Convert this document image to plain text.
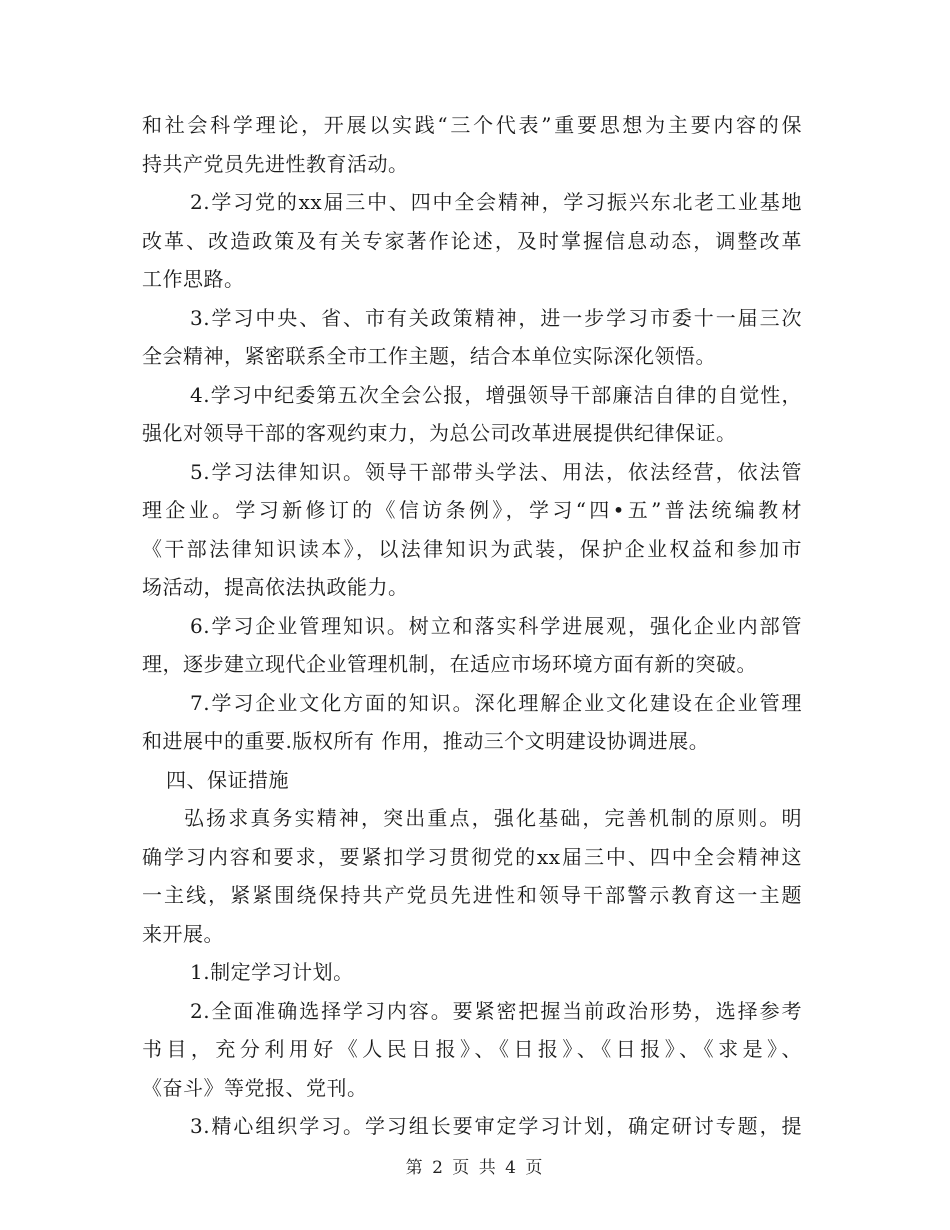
和社会科学理论，开展以实践“三个代表”重要思想为主要内容的保
持共产党员先进性教育活动。
2.学习党的xx届三中、四中全会精神，学习振兴东北老工业基地
改革、改造政策及有关专家著作论述，及时掌握信息动态，调整改革
工作思路。
3.学习中央、省、市有关政策精神，进一步学习市委十一届三次
全会精神，紧密联系全市工作主题，结合本单位实际深化领悟。
4.学习中纪委第五次全会公报，增强领导干部廉洁自律的自觉性，
强化对领导干部的客观约束力，为总公司改革进展提供纪律保证。
5.学习法律知识。领导干部带头学法、用法，依法经营，依法管
理企业。学习新修订的《信访条例》，学习“四•五”普法统编教材
《干部法律知识读本》，以法律知识为武装，保护企业权益和参加市
场活动，提高依法执政能力。
6.学习企业管理知识。树立和落实科学进展观，强化企业内部管
理，逐步建立现代企业管理机制，在适应市场环境方面有新的突破。
7.学习企业文化方面的知识。深化理解企业文化建设在企业管理
和进展中的重要.版权所有 作用，推动三个文明建设协调进展。
四、保证措施
弘扬求真务实精神，突出重点，强化基础，完善机制的原则。明
确学习内容和要求，要紧扣学习贯彻党的xx届三中、四中全会精神这
一主线，紧紧围绕保持共产党员先进性和领导干部警示教育这一主题
来开展。
1.制定学习计划。
2.全面准确选择学习内容。要紧密把握当前政治形势，选择参考
书目，充分利用好《人民日报》、《日报》、《日报》、《求是》、
《奋斗》等党报、党刊。
3.精心组织学习。学习组长要审定学习计划，确定研讨专题，提
第 2 页 共 4 页
